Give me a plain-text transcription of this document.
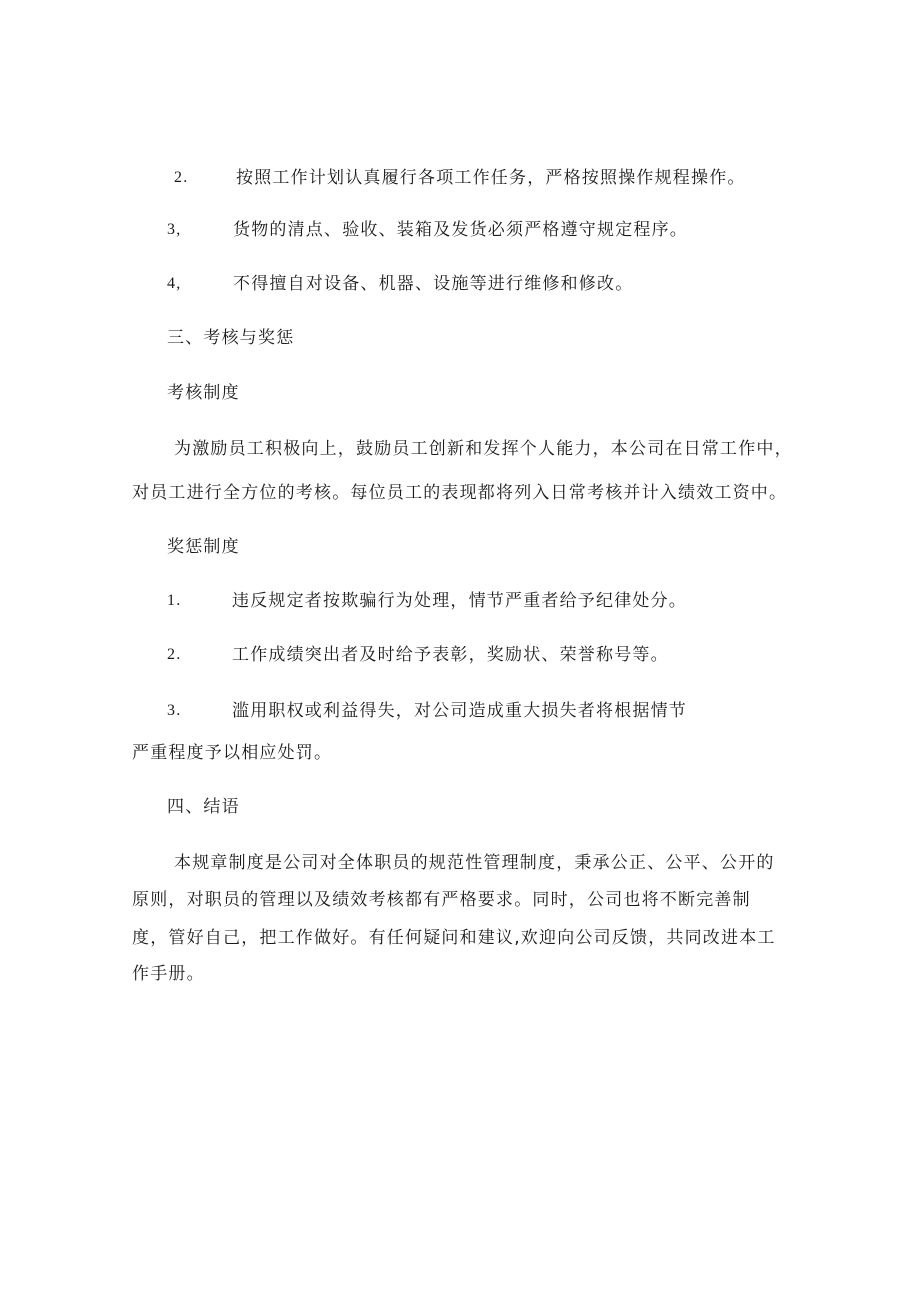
2.	按照工作计划认真履行各项工作任务，严格按照操作规程操作。
3,	货物的清点、验收、装箱及发货必须严格遵守规定程序。
4,	不得擅自对设备、机器、设施等进行维修和修改。
三、考核与奖惩
考核制度
为激励员工积极向上，鼓励员工创新和发挥个人能力，本公司在日常工作中，
对员工进行全方位的考核。每位员工的表现都将列入日常考核并计入绩效工资中。
奖惩制度
1.	违反规定者按欺骗行为处理，情节严重者给予纪律处分。
2.	工作成绩突出者及时给予表彰，奖励状、荣誉称号等。
3.	滥用职权或利益得失，对公司造成重大损失者将根据情节
严重程度予以相应处罚。
四、结语
本规章制度是公司对全体职员的规范性管理制度，秉承公正、公平、公开的
原则，对职员的管理以及绩效考核都有严格要求。同时，公司也将不断完善制
度，管好自己，把工作做好。有任何疑问和建议,欢迎向公司反馈，共同改进本工
作手册。
